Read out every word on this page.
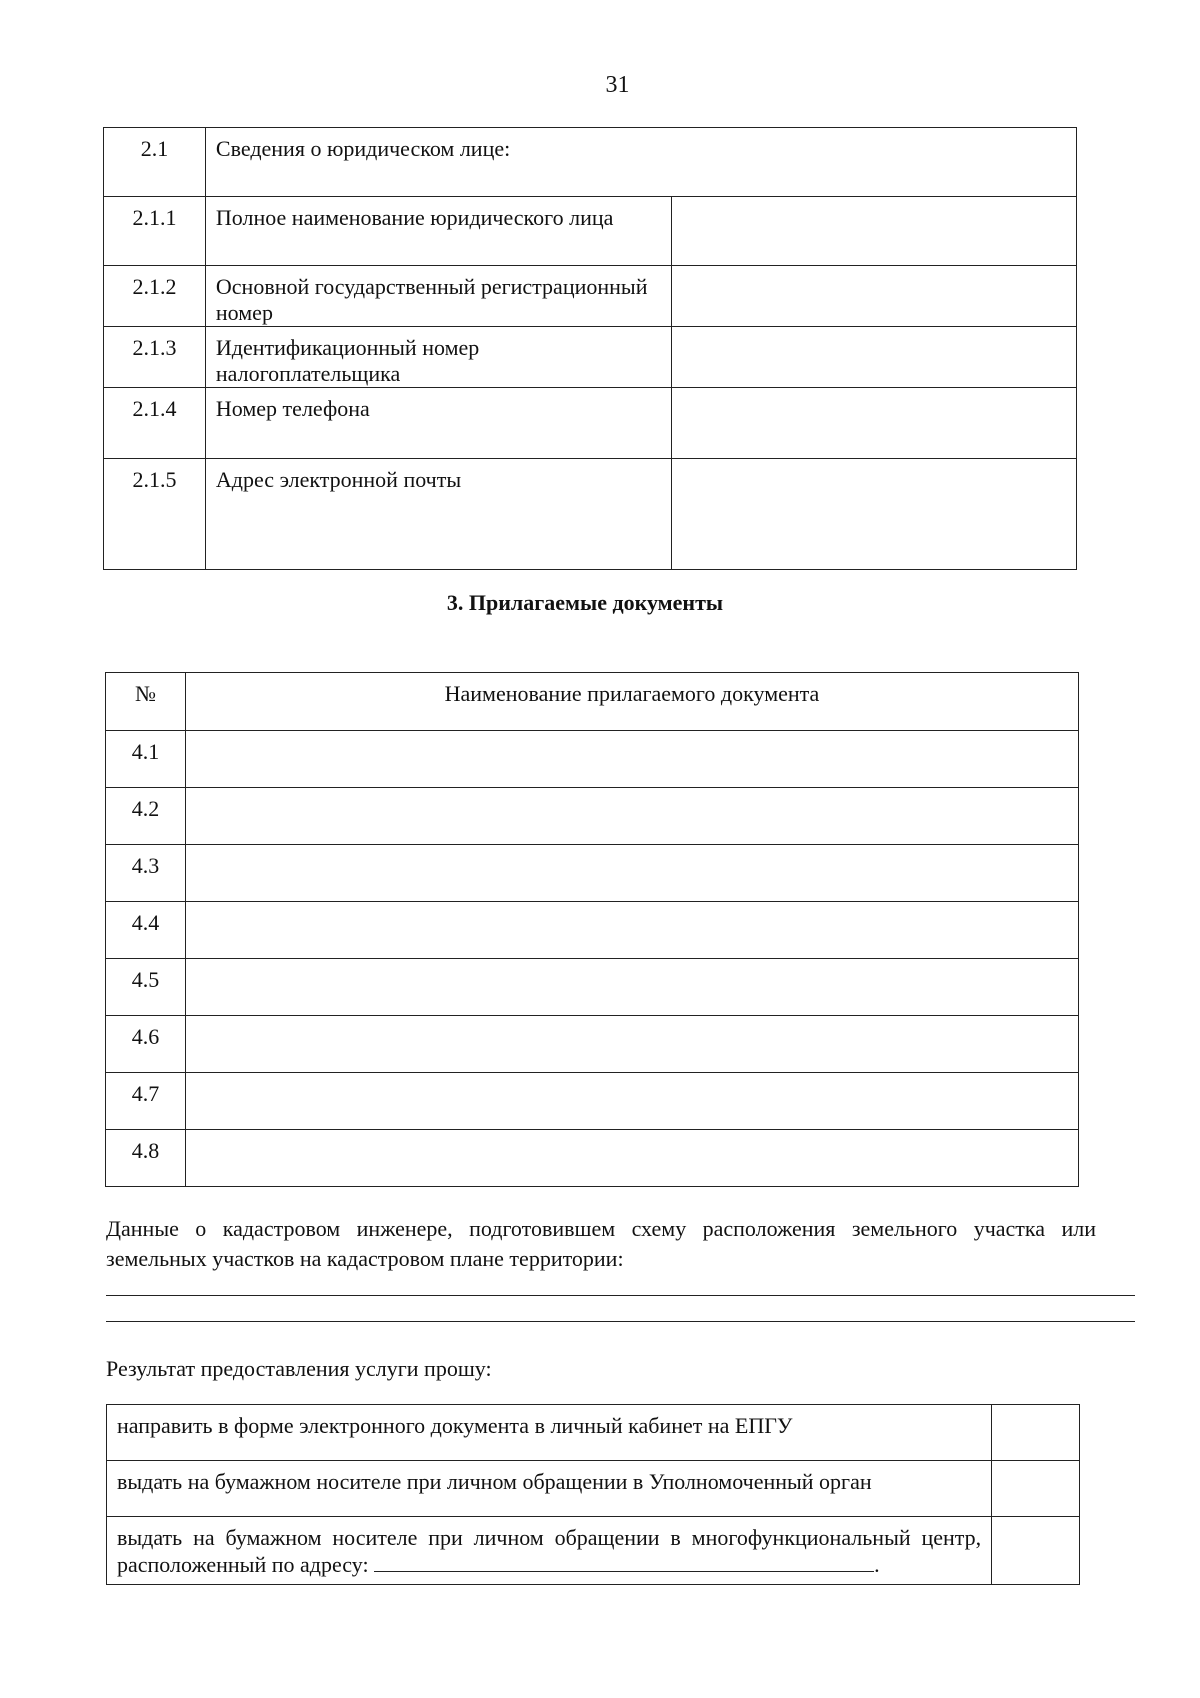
31
2.1	Сведения о юридическом лице:	

2.1.1	Полное наименование юридического лица	

2.1.2	Основной государственный регистрационный номер	

2.1.3	Идентификационный номер налогоплательщика	

2.1.4	Номер телефона	

2.1.5	Адрес электронной почты	

3. Прилагаемые документы
№	Наименование прилагаемого документа

4.1	

4.2	

4.3	

4.4	

4.5	

4.6	

4.7	

4.8	

Данные о кадастровом инженере, подготовившем схему расположения земельного участка или земельных участков на кадастровом плане территории:
Результат предоставления услуги прошу:
направить в форме электронного документа в личный кабинет на ЕПГУ	

выдать на бумажном носителе при личном обращении в Уполномоченный орган	

выдать на бумажном носителе при личном обращении в многофункциональный центр, расположенный по адресу: .	
